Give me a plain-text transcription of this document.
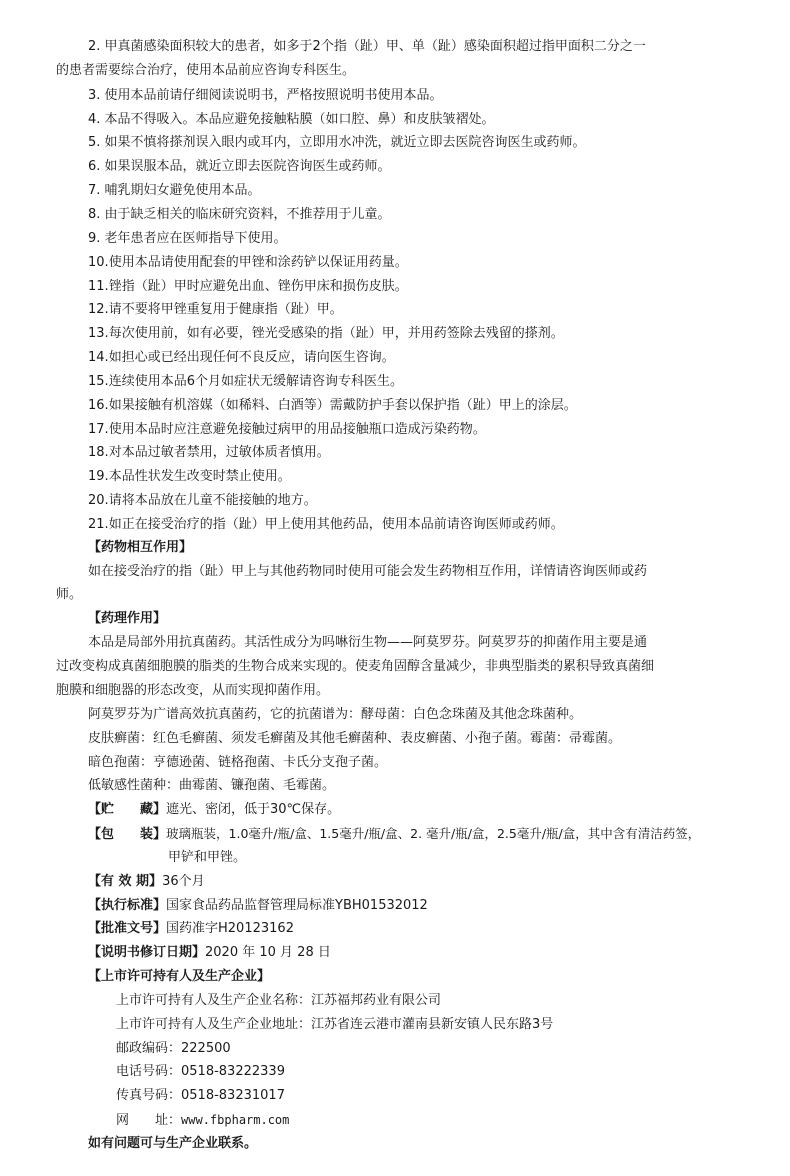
2. 甲真菌感染面积较大的患者，如多于2个指（趾）甲、单（趾）感染面积超过指甲面积二分之一
的患者需要综合治疗，使用本品前应咨询专科医生。
3. 使用本品前请仔细阅读说明书，严格按照说明书使用本品。
4. 本品不得吸入。本品应避免接触粘膜（如口腔、鼻）和皮肤皱褶处。
5. 如果不慎将搽剂误入眼内或耳内，立即用水冲洗，就近立即去医院咨询医生或药师。
6. 如果误服本品，就近立即去医院咨询医生或药师。
7. 哺乳期妇女避免使用本品。
8. 由于缺乏相关的临床研究资料，不推荐用于儿童。
9. 老年患者应在医师指导下使用。
10.使用本品请使用配套的甲锉和涂药铲以保证用药量。
11.锉指（趾）甲时应避免出血、锉伤甲床和损伤皮肤。
12.请不要将甲锉重复用于健康指（趾）甲。
13.每次使用前，如有必要，锉光受感染的指（趾）甲，并用药签除去残留的搽剂。
14.如担心或已经出现任何不良反应，请向医生咨询。
15.连续使用本品6个月如症状无缓解请咨询专科医生。
16.如果接触有机溶媒（如稀料、白酒等）需戴防护手套以保护指（趾）甲上的涂层。
17.使用本品时应注意避免接触过病甲的用品接触瓶口造成污染药物。
18.对本品过敏者禁用，过敏体质者慎用。
19.本品性状发生改变时禁止使用。
20.请将本品放在儿童不能接触的地方。
21.如正在接受治疗的指（趾）甲上使用其他药品，使用本品前请咨询医师或药师。
【药物相互作用】
如在接受治疗的指（趾）甲上与其他药物同时使用可能会发生药物相互作用，详情请咨询医师或药
师。
【药理作用】
本品是局部外用抗真菌药。其活性成分为吗啉衍生物——阿莫罗芬。阿莫罗芬的抑菌作用主要是通
过改变构成真菌细胞膜的脂类的生物合成来实现的。使麦角固醇含量减少，非典型脂类的累积导致真菌细
胞膜和细胞器的形态改变，从而实现抑菌作用。
阿莫罗芬为广谱高效抗真菌药，它的抗菌谱为：酵母菌：白色念珠菌及其他念珠菌种。
皮肤癣菌：红色毛癣菌、须发毛癣菌及其他毛癣菌种、表皮癣菌、小孢子菌。霉菌：帚霉菌。
暗色孢菌：亨德逊菌、链格孢菌、卡氏分支孢子菌。
低敏感性菌种：曲霉菌、镰孢菌、毛霉菌。
【贮　　藏】遮光、密闭，低于30℃保存。
【包　　装】玻璃瓶装，1.0毫升/瓶/盒、1.5毫升/瓶/盒、2. 毫升/瓶/盒，2.5毫升/瓶/盒，其中含有清洁药签，
甲铲和甲锉。
【有 效 期】36个月
【执行标准】国家食品药品监督管理局标准YBH01532012
【批准文号】国药准字H20123162
【说明书修订日期】2020 年 10 月 28 日
【上市许可持有人及生产企业】
上市许可持有人及生产企业名称：江苏福邦药业有限公司
上市许可持有人及生产企业地址：江苏省连云港市灌南县新安镇人民东路3号
邮政编码：222500
电话号码：0518-83222339
传真号码：0518-83231017
网　　址：www.fbpharm.com
如有问题可与生产企业联系。
